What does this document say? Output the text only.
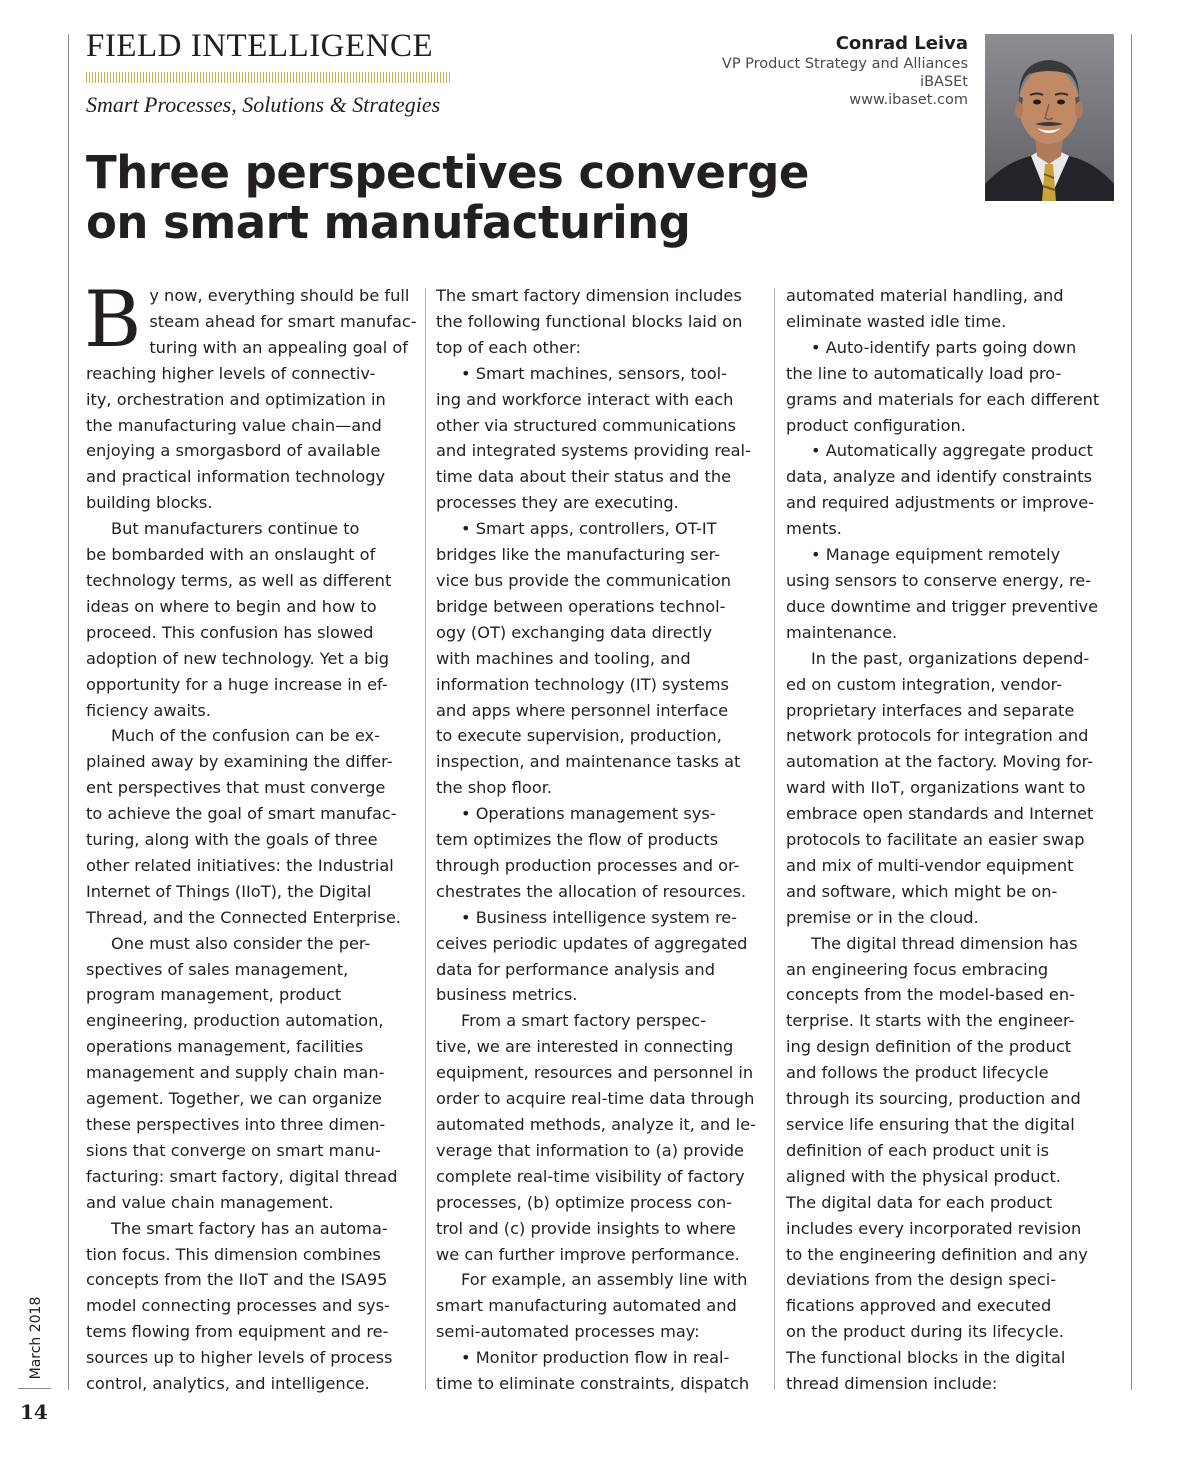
FIELD INTELLIGENCE
Smart Processes, Solutions & Strategies
Conrad Leiva
VP Product Strategy and Alliances
iBASEt
www.ibaset.com
Three perspectives converge
on smart manufacturing
B y now, everything should be full

steam ahead for smart manufac-

turing with an appealing goal of

reaching higher levels of connectiv-

ity, orchestration and optimization in

the manufacturing value chain—and

enjoying a smorgasbord of available

and practical information technology

building blocks.

But manufacturers continue to

be bombarded with an onslaught of

technology terms, as well as different

ideas on where to begin and how to

proceed. This confusion has slowed

adoption of new technology. Yet a big

opportunity for a huge increase in ef-

ficiency awaits.

Much of the confusion can be ex-

plained away by examining the differ-

ent perspectives that must converge

to achieve the goal of smart manufac-

turing, along with the goals of three

other related initiatives: the Industrial

Internet of Things (IIoT), the Digital

Thread, and the Connected Enterprise.

One must also consider the per-

spectives of sales management,

program management, product

engineering, production automation,

operations management, facilities

management and supply chain man-

agement. Together, we can organize

these perspectives into three dimen-

sions that converge on smart manu-

facturing: smart factory, digital thread

and value chain management.

The smart factory has an automa-

tion focus. This dimension combines

concepts from the IIoT and the ISA95

model connecting processes and sys-

tems flowing from equipment and re-

sources up to higher levels of process

control, analytics, and intelligence.

The smart factory dimension includes

the following functional blocks laid on

top of each other:

• Smart machines, sensors, tool-

ing and workforce interact with each

other via structured communications

and integrated systems providing real-

time data about their status and the

processes they are executing.

• Smart apps, controllers, OT-IT

bridges like the manufacturing ser-

vice bus provide the communication

bridge between operations technol-

ogy (OT) exchanging data directly

with machines and tooling, and

information technology (IT) systems

and apps where personnel interface

to execute supervision, production,

inspection, and maintenance tasks at

the shop floor.

• Operations management sys-

tem optimizes the flow of products

through production processes and or-

chestrates the allocation of resources.

• Business intelligence system re-

ceives periodic updates of aggregated

data for performance analysis and

business metrics.

From a smart factory perspec-

tive, we are interested in connecting

equipment, resources and personnel in

order to acquire real-time data through

automated methods, analyze it, and le-

verage that information to (a) provide

complete real-time visibility of factory

processes, (b) optimize process con-

trol and (c) provide insights to where

we can further improve performance.

For example, an assembly line with

smart manufacturing automated and

semi-automated processes may:

• Monitor production flow in real-

time to eliminate constraints, dispatch

automated material handling, and

eliminate wasted idle time.

• Auto-identify parts going down

the line to automatically load pro-

grams and materials for each different

product configuration.

• Automatically aggregate product

data, analyze and identify constraints

and required adjustments or improve-

ments.

• Manage equipment remotely

using sensors to conserve energy, re-

duce downtime and trigger preventive

maintenance.

In the past, organizations depend-

ed on custom integration, vendor-

proprietary interfaces and separate

network protocols for integration and

automation at the factory. Moving for-

ward with IIoT, organizations want to

embrace open standards and Internet

protocols to facilitate an easier swap

and mix of multi-vendor equipment

and software, which might be on-

premise or in the cloud.

The digital thread dimension has

an engineering focus embracing

concepts from the model-based en-

terprise. It starts with the engineer-

ing design definition of the product

and follows the product lifecycle

through its sourcing, production and

service life ensuring that the digital

definition of each product unit is

aligned with the physical product.

The digital data for each product

includes every incorporated revision

to the engineering definition and any

deviations from the design speci-

fications approved and executed

on the product during its lifecycle.

The functional blocks in the digital

thread dimension include:

March 2018
14
